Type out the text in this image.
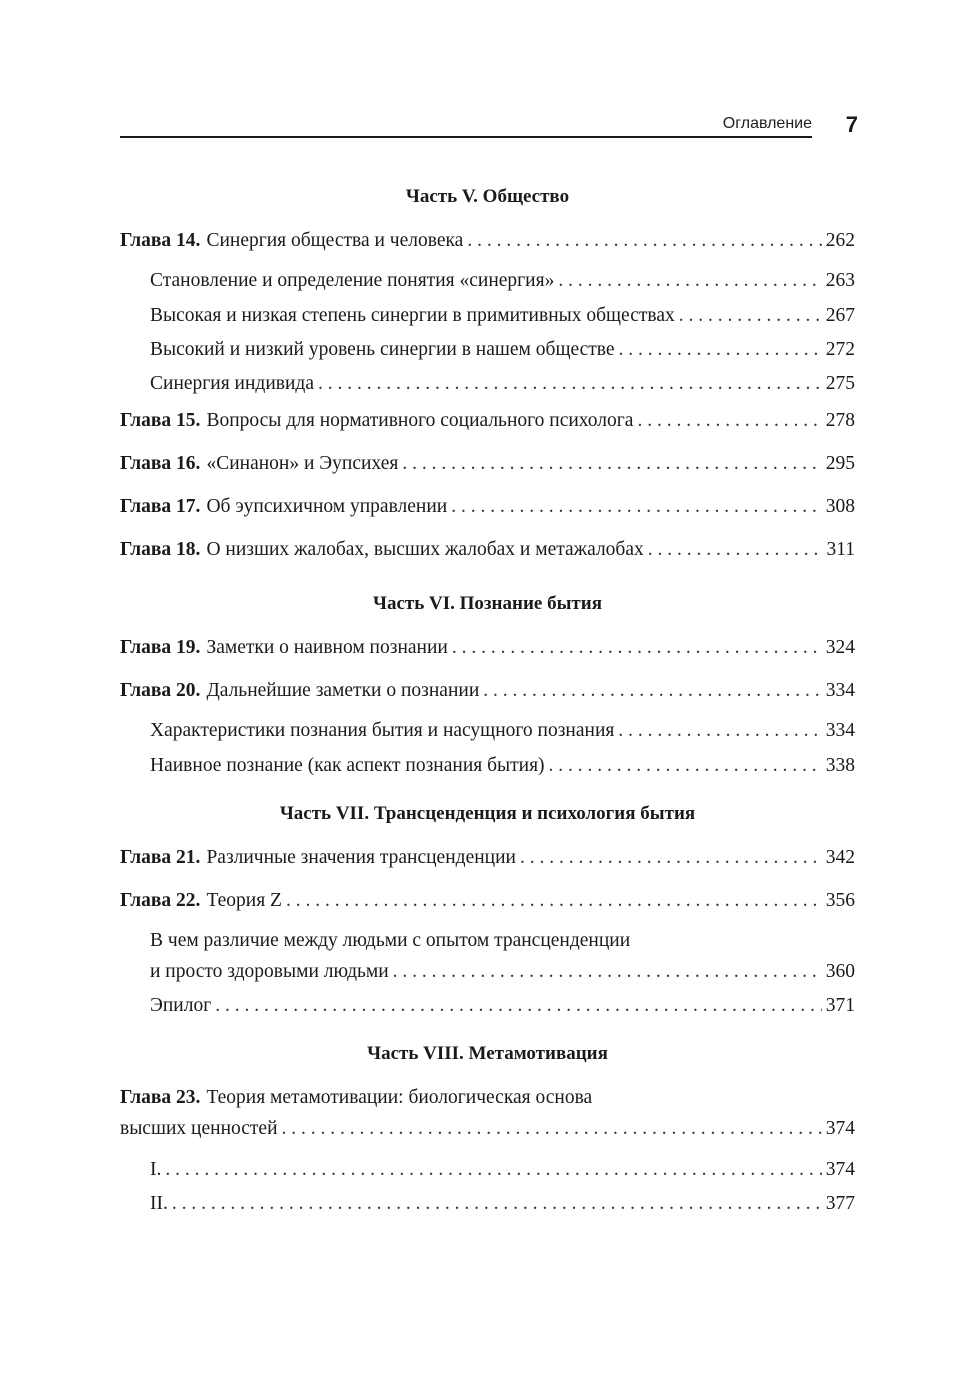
Оглавление 7
Часть V. Общество
Глава 14. Синергия общества и человека . . .	262
Становление и определение понятия «синергия» . . .	263
Высокая и низкая степень синергии в примитивных обществах . . .	267
Высокий и низкий уровень синергии в нашем обществе . . .	272
Синергия индивида . . .	275
Глава 15. Вопросы для нормативного социального психолога . . .	278
Глава 16. «Синанон» и Эупсихея . . .	295
Глава 17. Об эупсихичном управлении . . .	308
Глава 18. О низших жалобах, высших жалобах и метажалобах . . .	311
Часть VI. Познание бытия
Глава 19. Заметки о наивном познании . . .	324
Глава 20. Дальнейшие заметки о познании . . .	334
Характеристики познания бытия и насущного познания . . .	334
Наивное познание (как аспект познания бытия) . . .	338
Часть VII. Трансценденция и психология бытия
Глава 21. Различные значения трансценденции . . .	342
Глава 22. Теория Z . . .	356
В чем различие между людьми с опытом трансценденции
и просто здоровыми людьми . . .	360
Эпилог . . .	371
Часть VIII. Метамотивация
Глава 23. Теория метамотивации: биологическая основа
высших ценностей . . .	374
I. . . .	374
II. . . .	377
